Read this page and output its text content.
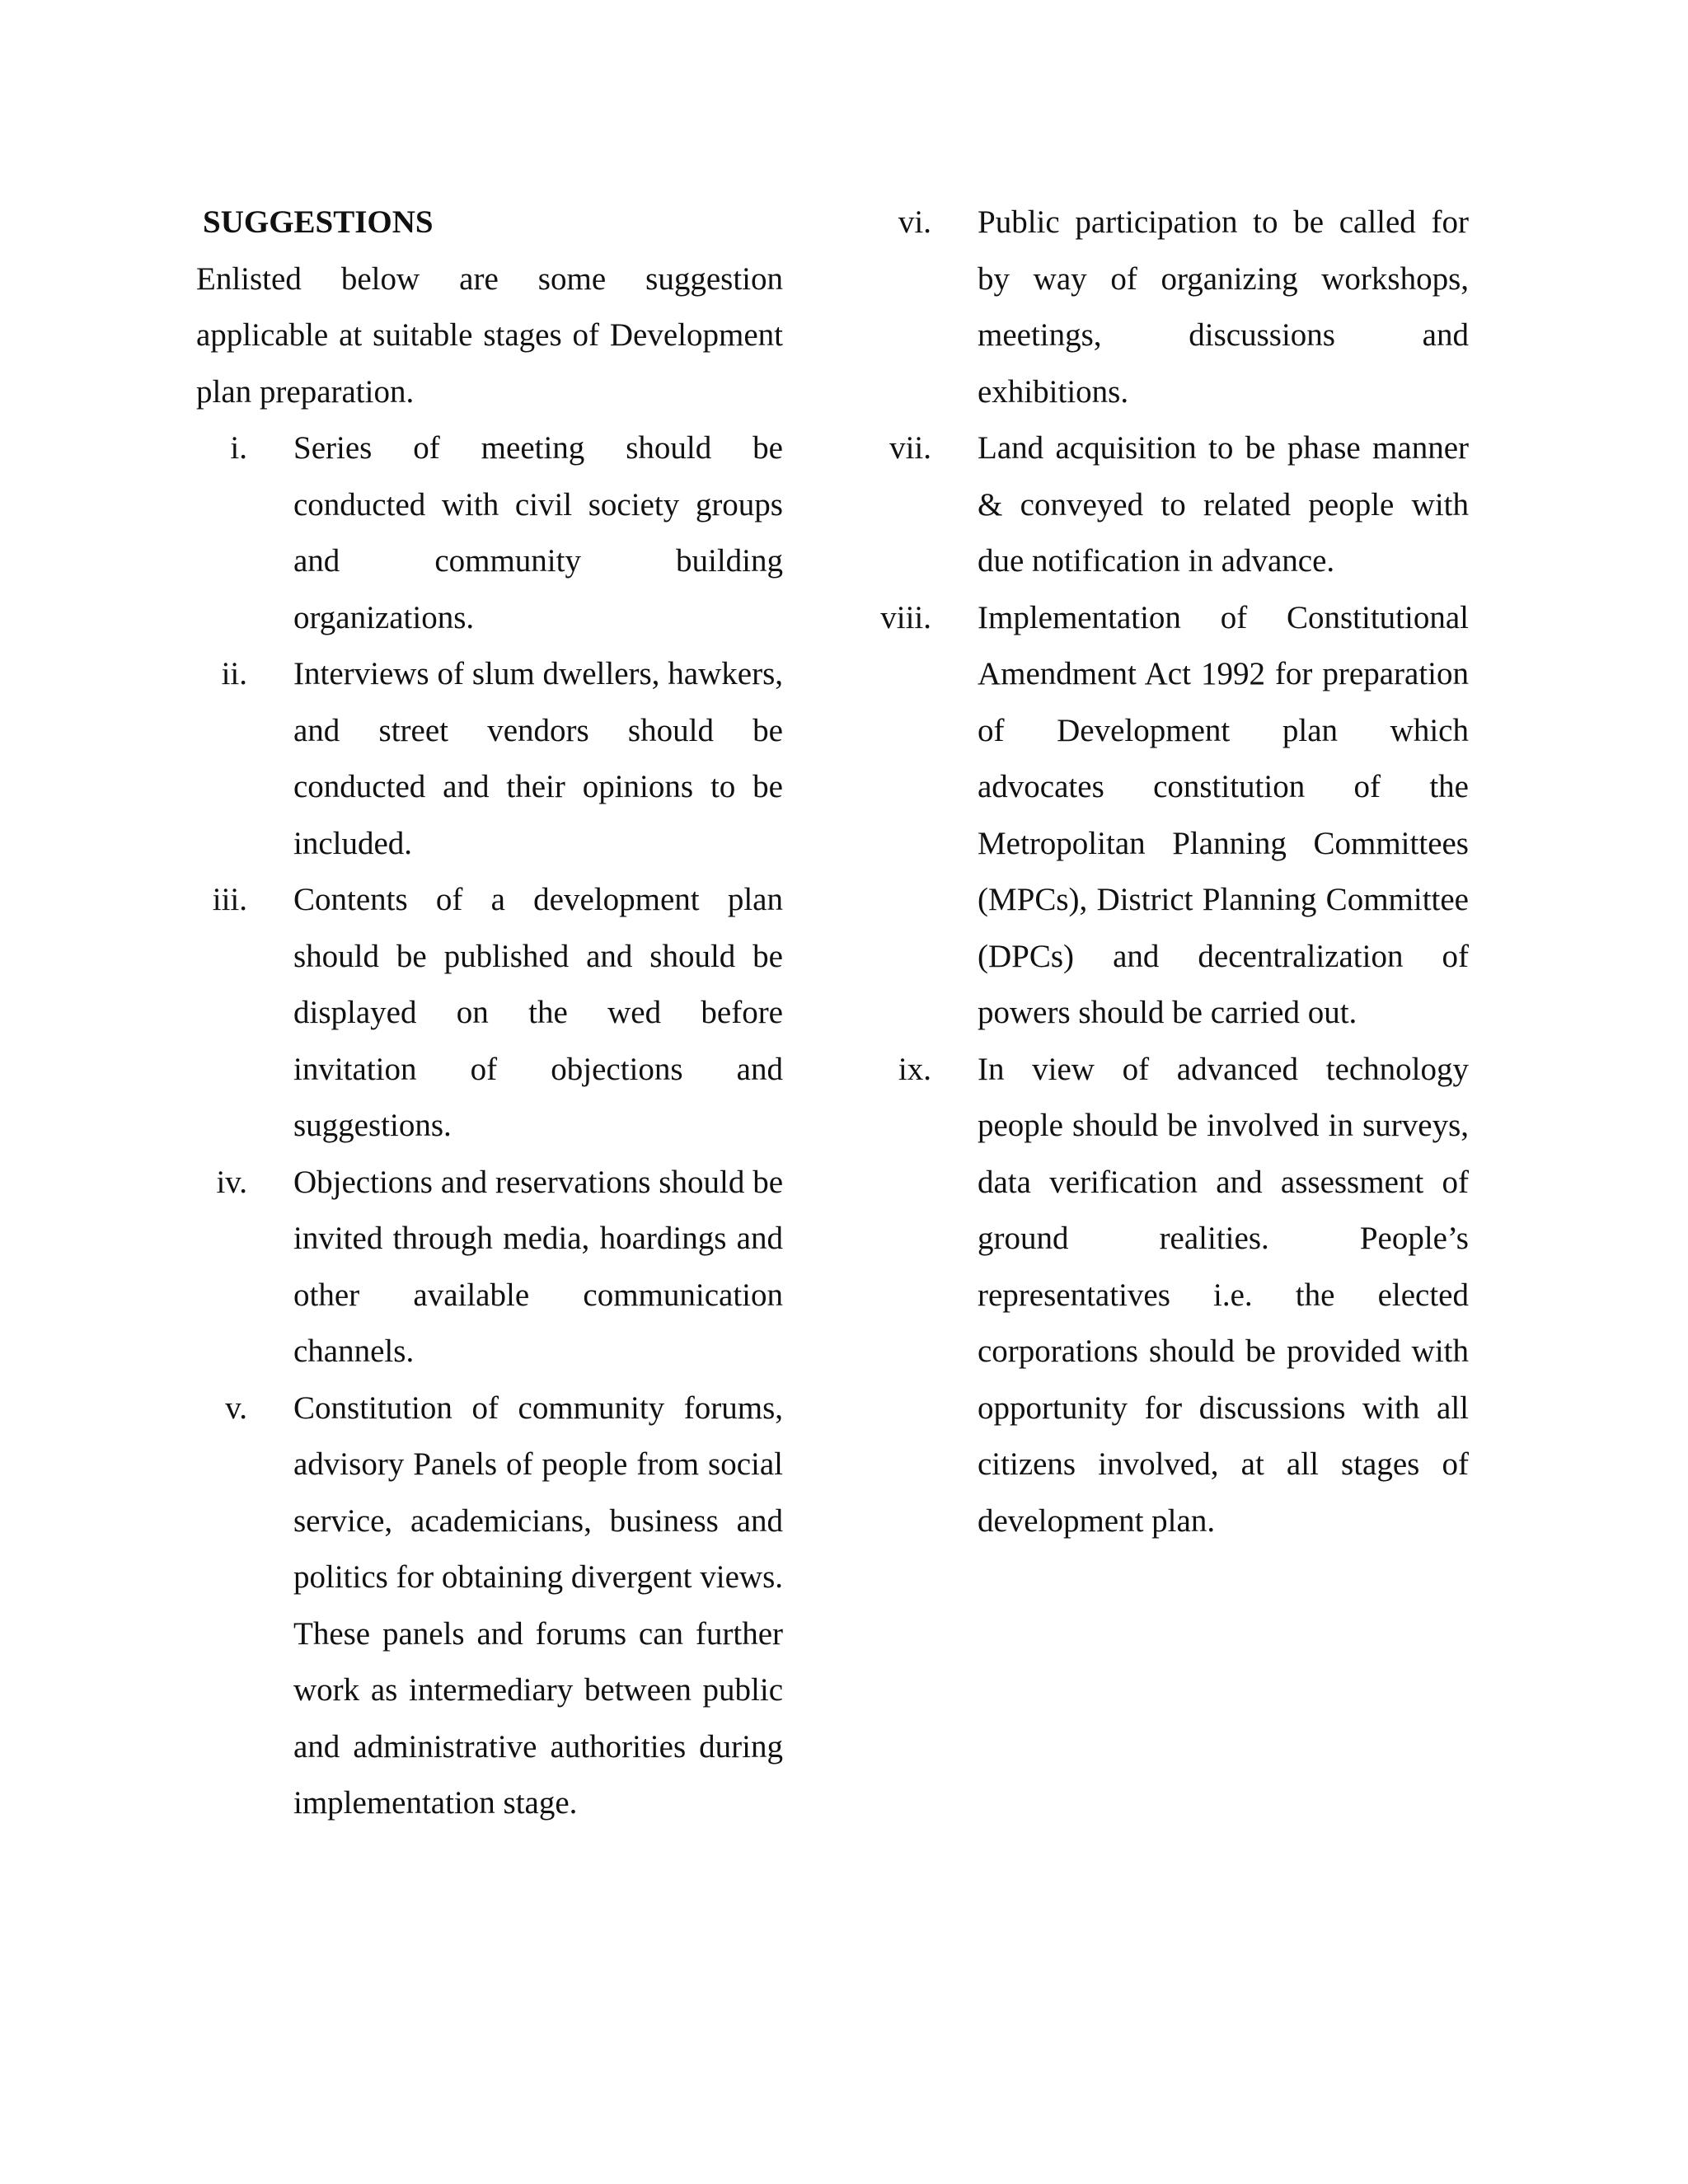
SUGGESTIONS

Enlisted below are some suggestion applicable at suitable stages of Development plan preparation.

i. Series of meeting should be conducted with civil society groups and community building organizations.
ii. Interviews of slum dwellers, hawkers, and street vendors should be conducted and their opinions to be included.
iii. Contents of a development plan should be published and should be displayed on the wed before invitation of objections and suggestions.
iv. Objections and reservations should be invited through media, hoardings and other available communication channels.
v. Constitution of community forums, advisory Panels of people from social service, academicians, business and politics for obtaining divergent views. These panels and forums can further work as intermediary between public and administrative authorities during implementation stage.
vi. Public participation to be called for by way of organizing workshops, meetings, discussions and exhibitions.
vii. Land acquisition to be phase manner & conveyed to related people with due notification in advance.
viii. Implementation of Constitutional Amendment Act 1992 for preparation of Development plan which advocates constitution of the Metropolitan Planning Committees (MPCs), District Planning Committee (DPCs) and decentralization of powers should be carried out.
ix. In view of advanced technology people should be involved in surveys, data verification and assessment of ground realities. People’s representatives i.e. the elected corporations should be provided with opportunity for discussions with all citizens involved, at all stages of development plan.
